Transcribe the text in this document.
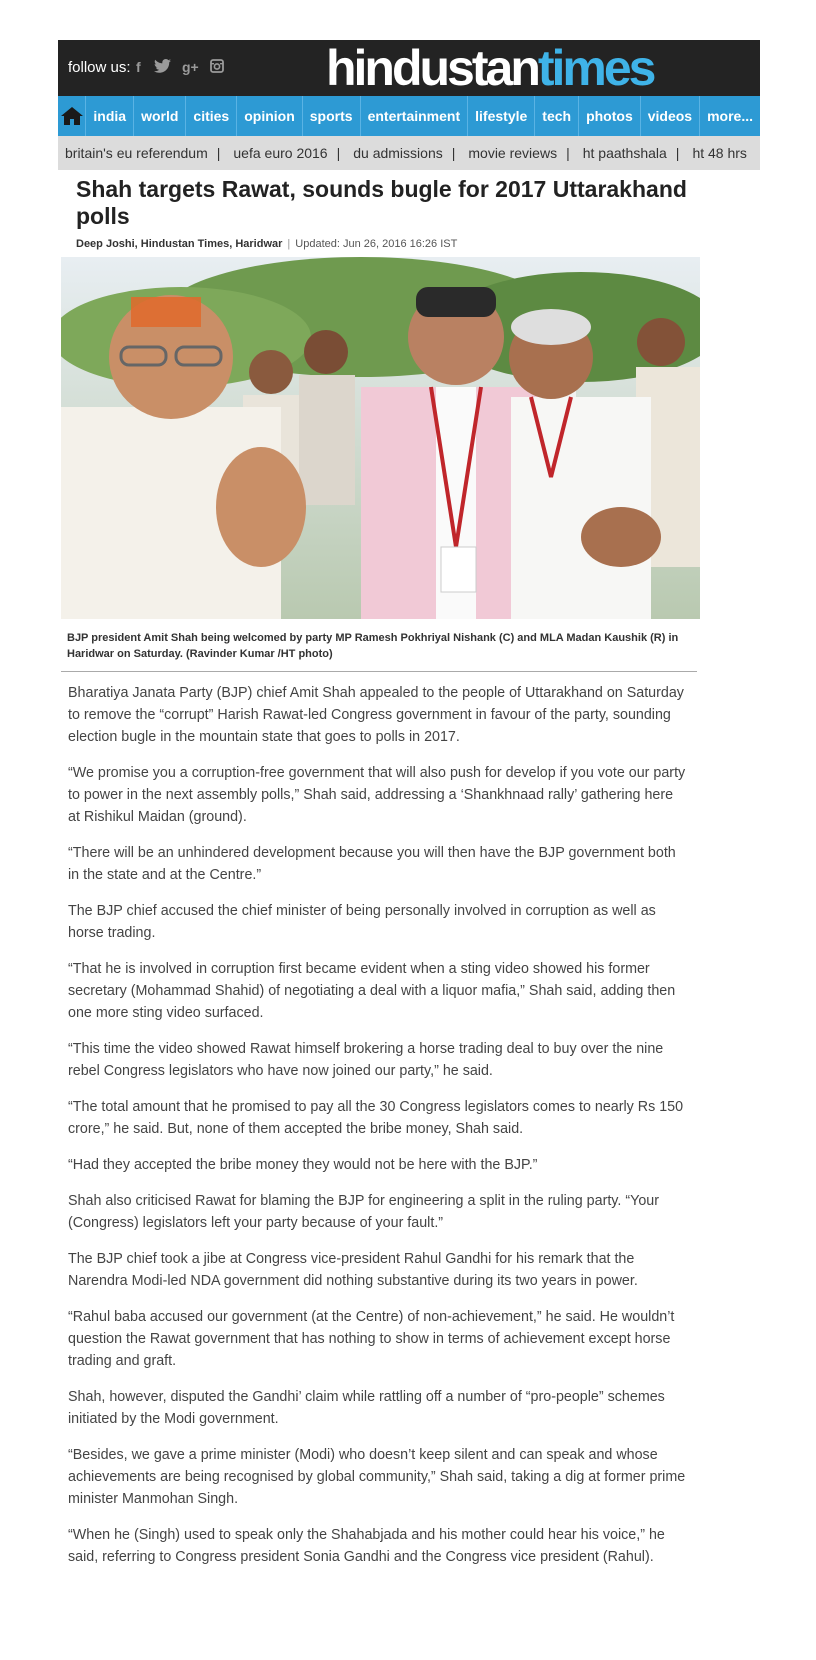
follow us: f	g+	hindustantimes
india	world	cities	opinion	sports	entertainment	lifestyle	tech	photos	videos	more...
britain's eu referendum | uefa euro 2016 | du admissions | movie reviews | ht paathshala | ht 48 hrs
Shah targets Rawat, sounds bugle for 2017 Uttarakhand polls
Deep Joshi, Hindustan Times, Haridwar | Updated: Jun 26, 2016 16:26 IST
BJP president Amit Shah being welcomed by party MP Ramesh Pokhriyal Nishank (C) and MLA Madan Kaushik (R) in Haridwar on Saturday. (Ravinder Kumar /HT photo)

Bharatiya Janata Party (BJP) chief Amit Shah appealed to the people of Uttarakhand on Saturday to remove the “corrupt” Harish Rawat-led Congress government in favour of the party, sounding election bugle in the mountain state that goes to polls in 2017.

“We promise you a corruption-free government that will also push for develop if you vote our party to power in the next assembly polls,” Shah said, addressing a ‘Shankhnaad rally’ gathering here at Rishikul Maidan (ground).

“There will be an unhindered development because you will then have the BJP government both in the state and at the Centre.”

The BJP chief accused the chief minister of being personally involved in corruption as well as horse trading.

“That he is involved in corruption first became evident when a sting video showed his former secretary (Mohammad Shahid) of negotiating a deal with a liquor mafia,” Shah said, adding then one more sting video surfaced.

“This time the video showed Rawat himself brokering a horse trading deal to buy over the nine rebel Congress legislators who have now joined our party,” he said.

“The total amount that he promised to pay all the 30 Congress legislators comes to nearly Rs 150 crore,” he said. But, none of them accepted the bribe money, Shah said.

“Had they accepted the bribe money they would not be here with the BJP.”

Shah also criticised Rawat for blaming the BJP for engineering a split in the ruling party. “Your (Congress) legislators left your party because of your fault.”

The BJP chief took a jibe at Congress vice-president Rahul Gandhi for his remark that the Narendra Modi-led NDA government did nothing substantive during its two years in power.

“Rahul baba accused our government (at the Centre) of non-achievement,” he said. He wouldn’t question the Rawat government that has nothing to show in terms of achievement except horse trading and graft.

Shah, however, disputed the Gandhi’ claim while rattling off a number of “pro-people” schemes initiated by the Modi government.

“Besides, we gave a prime minister (Modi) who doesn’t keep silent and can speak and whose achievements are being recognised by global community,” Shah said, taking a dig at former prime minister Manmohan Singh.

“When he (Singh) used to speak only the Shahabjada and his mother could hear his voice,” he said, referring to Congress president Sonia Gandhi and the Congress vice president (Rahul).
